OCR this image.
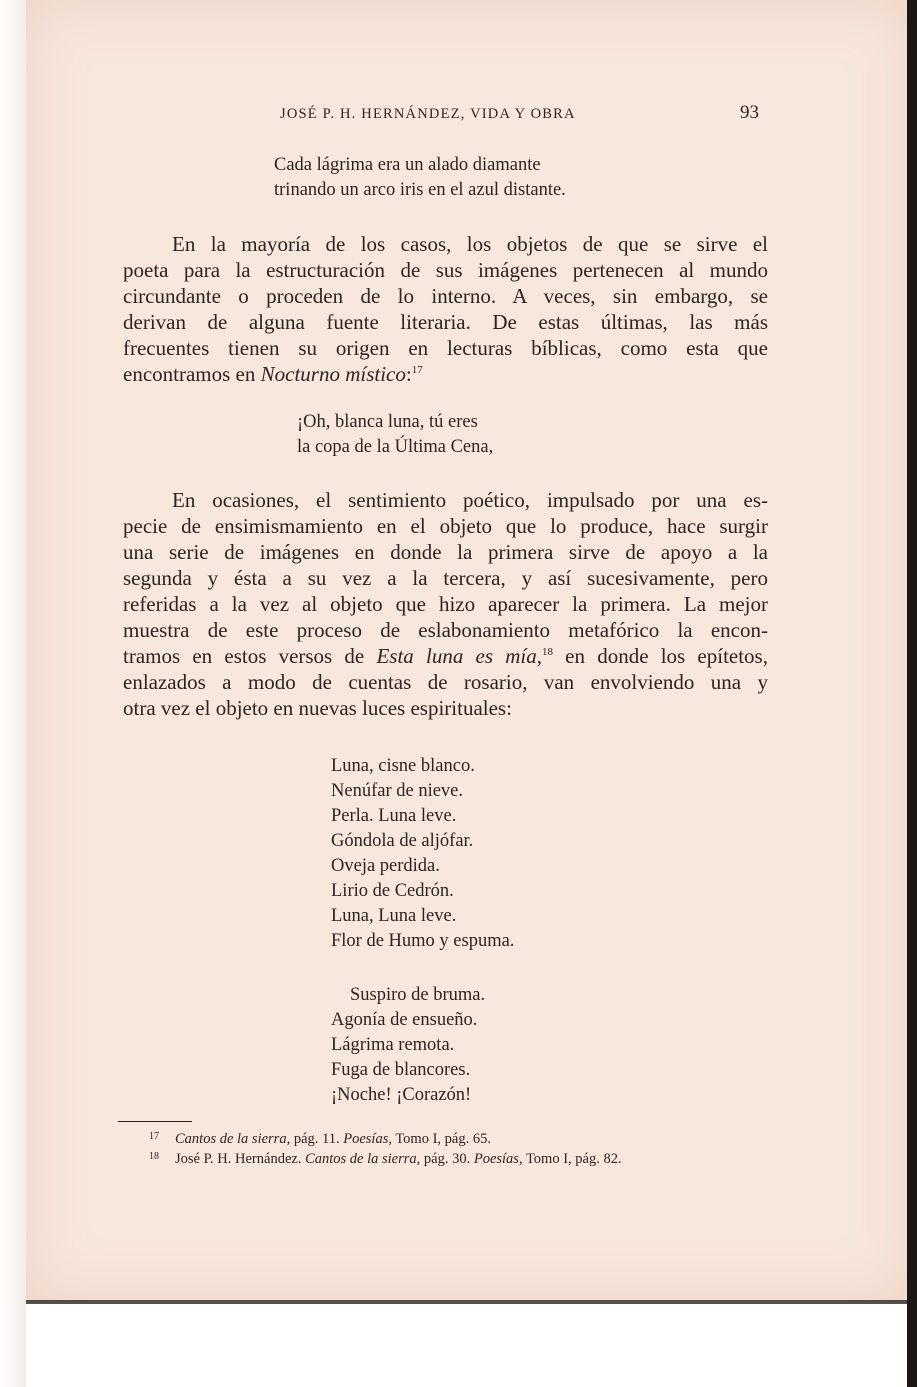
JOSÉ P. H. HERNÁNDEZ, VIDA Y OBRA	93
Cada lágrima era un alado diamante
trinando un arco iris en el azul distante.

En la mayoría de los casos, los objetos de que se sirve el
poeta para la estructuración de sus imágenes pertenecen al mundo
circundante o proceden de lo interno. A veces, sin embargo, se
derivan de alguna fuente literaria. De estas últimas, las más
frecuentes tienen su origen en lecturas bíblicas, como esta que
encontramos en Nocturno místico:$^{17}$

¡Oh, blanca luna, tú eres
la copa de la Última Cena,

En ocasiones, el sentimiento poético, impulsado por una es-
pecie de ensimismamiento en el objeto que lo produce, hace surgir
una serie de imágenes en donde la primera sirve de apoyo a la
segunda y ésta a su vez a la tercera, y así sucesivamente, pero
referidas a la vez al objeto que hizo aparecer la primera. La mejor
muestra de este proceso de eslabonamiento metafórico la encon-
tramos en estos versos de Esta luna es mía,$^{18}$ en donde los epítetos,
enlazados a modo de cuentas de rosario, van envolviendo una y
otra vez el objeto en nuevas luces espirituales:

Luna, cisne blanco.
Nenúfar de nieve.
Perla. Luna leve.
Góndola de aljófar.
Oveja perdida.
Lirio de Cedrón.
Luna, Luna leve.
Flor de Humo y espuma.
Suspiro de bruma.
Agonía de ensueño.
Lágrima remota.
Fuga de blancores.
¡Noche! ¡Corazón!
17 Cantos de la sierra, pág. 11. Poesías, Tomo I, pág. 65.
18 José P. H. Hernández. Cantos de la sierra, pág. 30. Poesías, Tomo I, pág. 82.
